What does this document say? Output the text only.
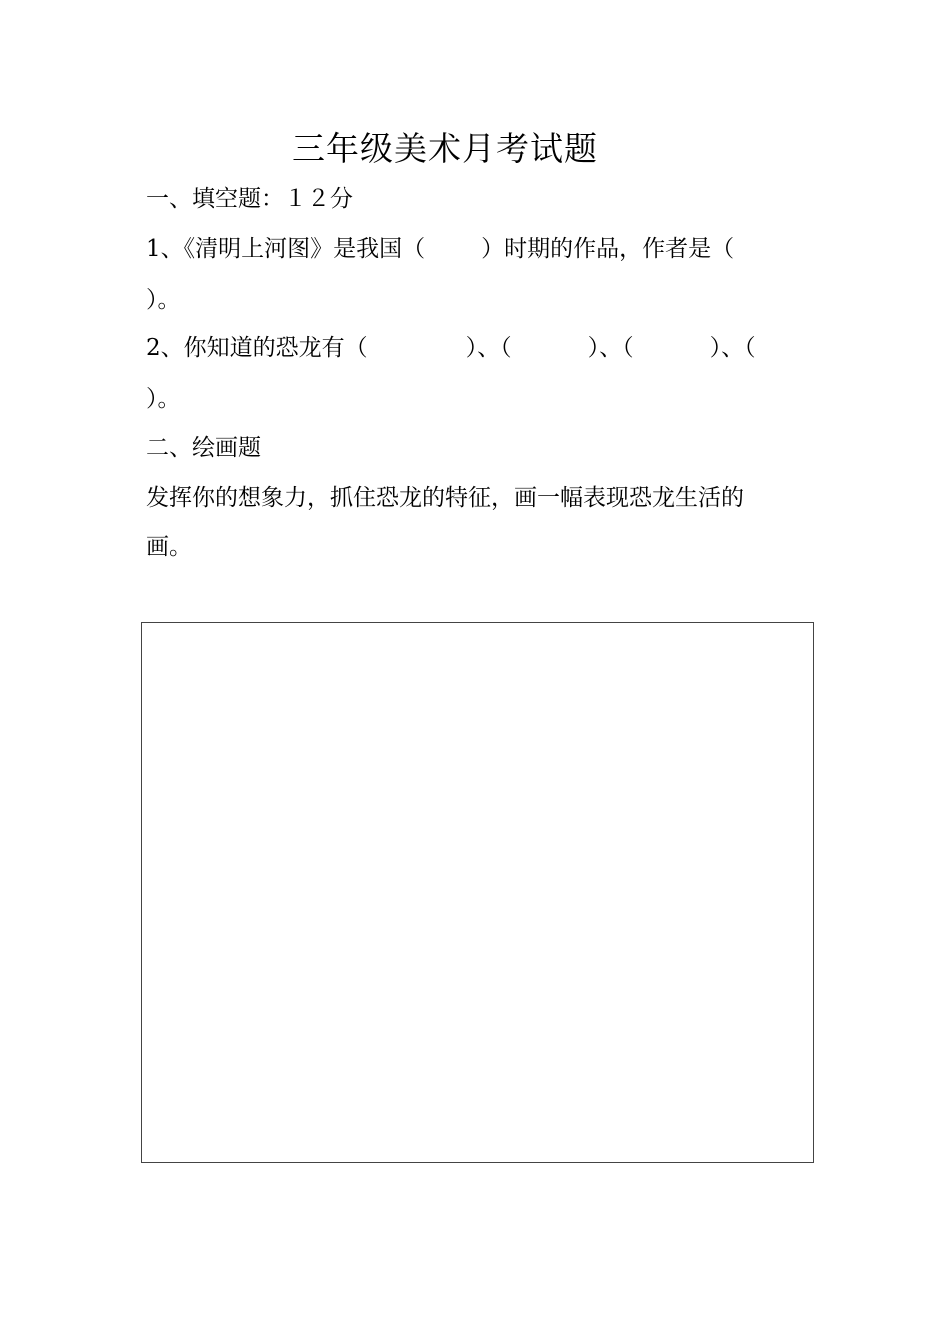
三年级美术月考试题
一、填空题：１２分
1、《清明上河图》是我国（ ）时期的作品，作者是（
）。
2、你知道的恐龙有（	）、（	）、（	）、（
）。
二、绘画题
发挥你的想象力，抓住恐龙的特征，画一幅表现恐龙生活的
画。
